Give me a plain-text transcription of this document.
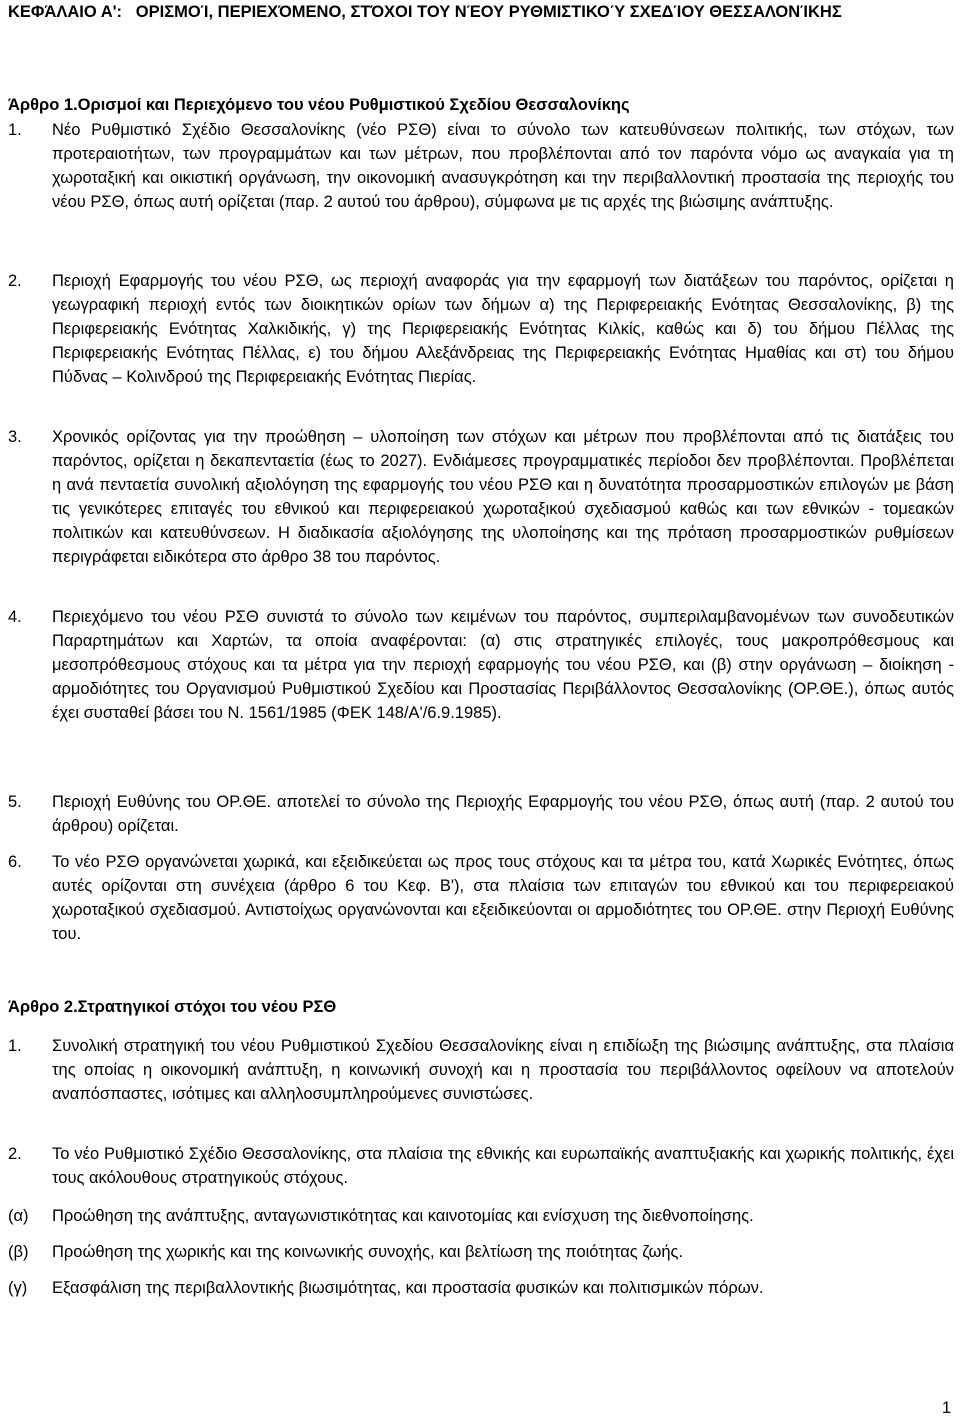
ΚΕΦΆΛΑΙΟ Α':   ΟΡΙΣΜΟΊ, ΠΕΡΙΕΧΌΜΕΝΟ, ΣΤΌΧΟΙ ΤΟΥ ΝΈΟΥ ΡΥΘΜΙΣΤΙΚΟΎ ΣΧΕΔΊΟΥ ΘΕΣΣΑΛΟΝΊΚΗΣ
Άρθρο 1.Ορισμοί και Περιεχόμενο του νέου Ρυθμιστικού Σχεδίου Θεσσαλονίκης
1. Νέο Ρυθμιστικό Σχέδιο Θεσσαλονίκης (νέο ΡΣΘ) είναι το σύνολο των κατευθύνσεων πολιτικής, των στόχων, των προτεραιοτήτων, των προγραμμάτων και των μέτρων, που προβλέπονται από τον παρόντα νόμο ως αναγκαία για τη χωροταξική και οικιστική οργάνωση, την οικονομική ανασυγκρότηση και την περιβαλλοντική προστασία της περιοχής του νέου ΡΣΘ, όπως αυτή ορίζεται (παρ. 2 αυτού του άρθρου), σύμφωνα με τις αρχές της βιώσιμης ανάπτυξης.
2. Περιοχή Εφαρμογής του νέου ΡΣΘ, ως περιοχή αναφοράς για την εφαρμογή των διατάξεων του παρόντος, ορίζεται η γεωγραφική περιοχή εντός των διοικητικών ορίων των δήμων α) της Περιφερειακής Ενότητας Θεσσαλονίκης, β) της Περιφερειακής Ενότητας Χαλκιδικής, γ) της Περιφερειακής Ενότητας Κιλκίς, καθώς και δ) του δήμου Πέλλας της Περιφερειακής Ενότητας Πέλλας, ε) του δήμου Αλεξάνδρειας της Περιφερειακής Ενότητας Ημαθίας και στ) του δήμου Πύδνας – Κολινδρού της Περιφερειακής Ενότητας Πιερίας.
3. Χρονικός ορίζοντας για την προώθηση – υλοποίηση των στόχων και μέτρων που προβλέπονται από τις διατάξεις του παρόντος, ορίζεται η δεκαπενταετία (έως το 2027). Ενδιάμεσες προγραμματικές περίοδοι δεν προβλέπονται. Προβλέπεται η ανά πενταετία συνολική αξιολόγηση της εφαρμογής του νέου ΡΣΘ και η δυνατότητα προσαρμοστικών επιλογών με βάση τις γενικότερες επιταγές του εθνικού και περιφερειακού χωροταξικού σχεδιασμού καθώς και των εθνικών - τομεακών πολιτικών και κατευθύνσεων. Η διαδικασία αξιολόγησης της υλοποίησης και της πρόταση προσαρμοστικών ρυθμίσεων περιγράφεται ειδικότερα στο άρθρο 38 του παρόντος.
4. Περιεχόμενο του νέου ΡΣΘ συνιστά το σύνολο των κειμένων του παρόντος, συμπεριλαμβανομένων των συνοδευτικών Παραρτημάτων και Χαρτών, τα οποία αναφέρονται: (α) στις στρατηγικές επιλογές, τους μακροπρόθεσμους και μεσοπρόθεσμους στόχους και τα μέτρα για την περιοχή εφαρμογής του νέου ΡΣΘ, και (β) στην οργάνωση – διοίκηση - αρμοδιότητες του Οργανισμού Ρυθμιστικού Σχεδίου και Προστασίας Περιβάλλοντος Θεσσαλονίκης (ΟΡ.ΘΕ.), όπως αυτός έχει συσταθεί βάσει του Ν. 1561/1985 (ΦΕΚ 148/Α'/6.9.1985).
5. Περιοχή Ευθύνης του ΟΡ.ΘΕ. αποτελεί το σύνολο της Περιοχής Εφαρμογής του νέου ΡΣΘ, όπως αυτή (παρ. 2 αυτού του άρθρου) ορίζεται.
6. Το νέο ΡΣΘ οργανώνεται χωρικά, και εξειδικεύεται ως προς τους στόχους και τα μέτρα του, κατά Χωρικές Ενότητες, όπως αυτές ορίζονται στη συνέχεια (άρθρο 6 του Κεφ. Β'), στα πλαίσια των επιταγών του εθνικού και του περιφερειακού χωροταξικού σχεδιασμού. Αντιστοίχως οργανώνονται και εξειδικεύονται οι αρμοδιότητες του ΟΡ.ΘΕ. στην Περιοχή Ευθύνης του.
Άρθρο 2.Στρατηγικοί στόχοι του νέου ΡΣΘ
1. Συνολική στρατηγική του νέου Ρυθμιστικού Σχεδίου Θεσσαλονίκης είναι η επιδίωξη της βιώσιμης ανάπτυξης, στα πλαίσια της οποίας η οικονομική ανάπτυξη, η κοινωνική συνοχή και η προστασία του περιβάλλοντος οφείλουν να αποτελούν αναπόσπαστες, ισότιμες και αλληλοσυμπληρούμενες συνιστώσες.
2. Το νέο Ρυθμιστικό Σχέδιο Θεσσαλονίκης, στα πλαίσια της εθνικής και ευρωπαϊκής αναπτυξιακής και χωρικής πολιτικής, έχει τους ακόλουθους στρατηγικούς στόχους.
(α) Προώθηση της ανάπτυξης, ανταγωνιστικότητας και καινοτομίας και ενίσχυση της διεθνοποίησης.
(β) Προώθηση της χωρικής και της κοινωνικής συνοχής, και βελτίωση της ποιότητας ζωής.
(γ) Εξασφάλιση της περιβαλλοντικής βιωσιμότητας, και προστασία φυσικών και πολιτισμικών πόρων.
1
